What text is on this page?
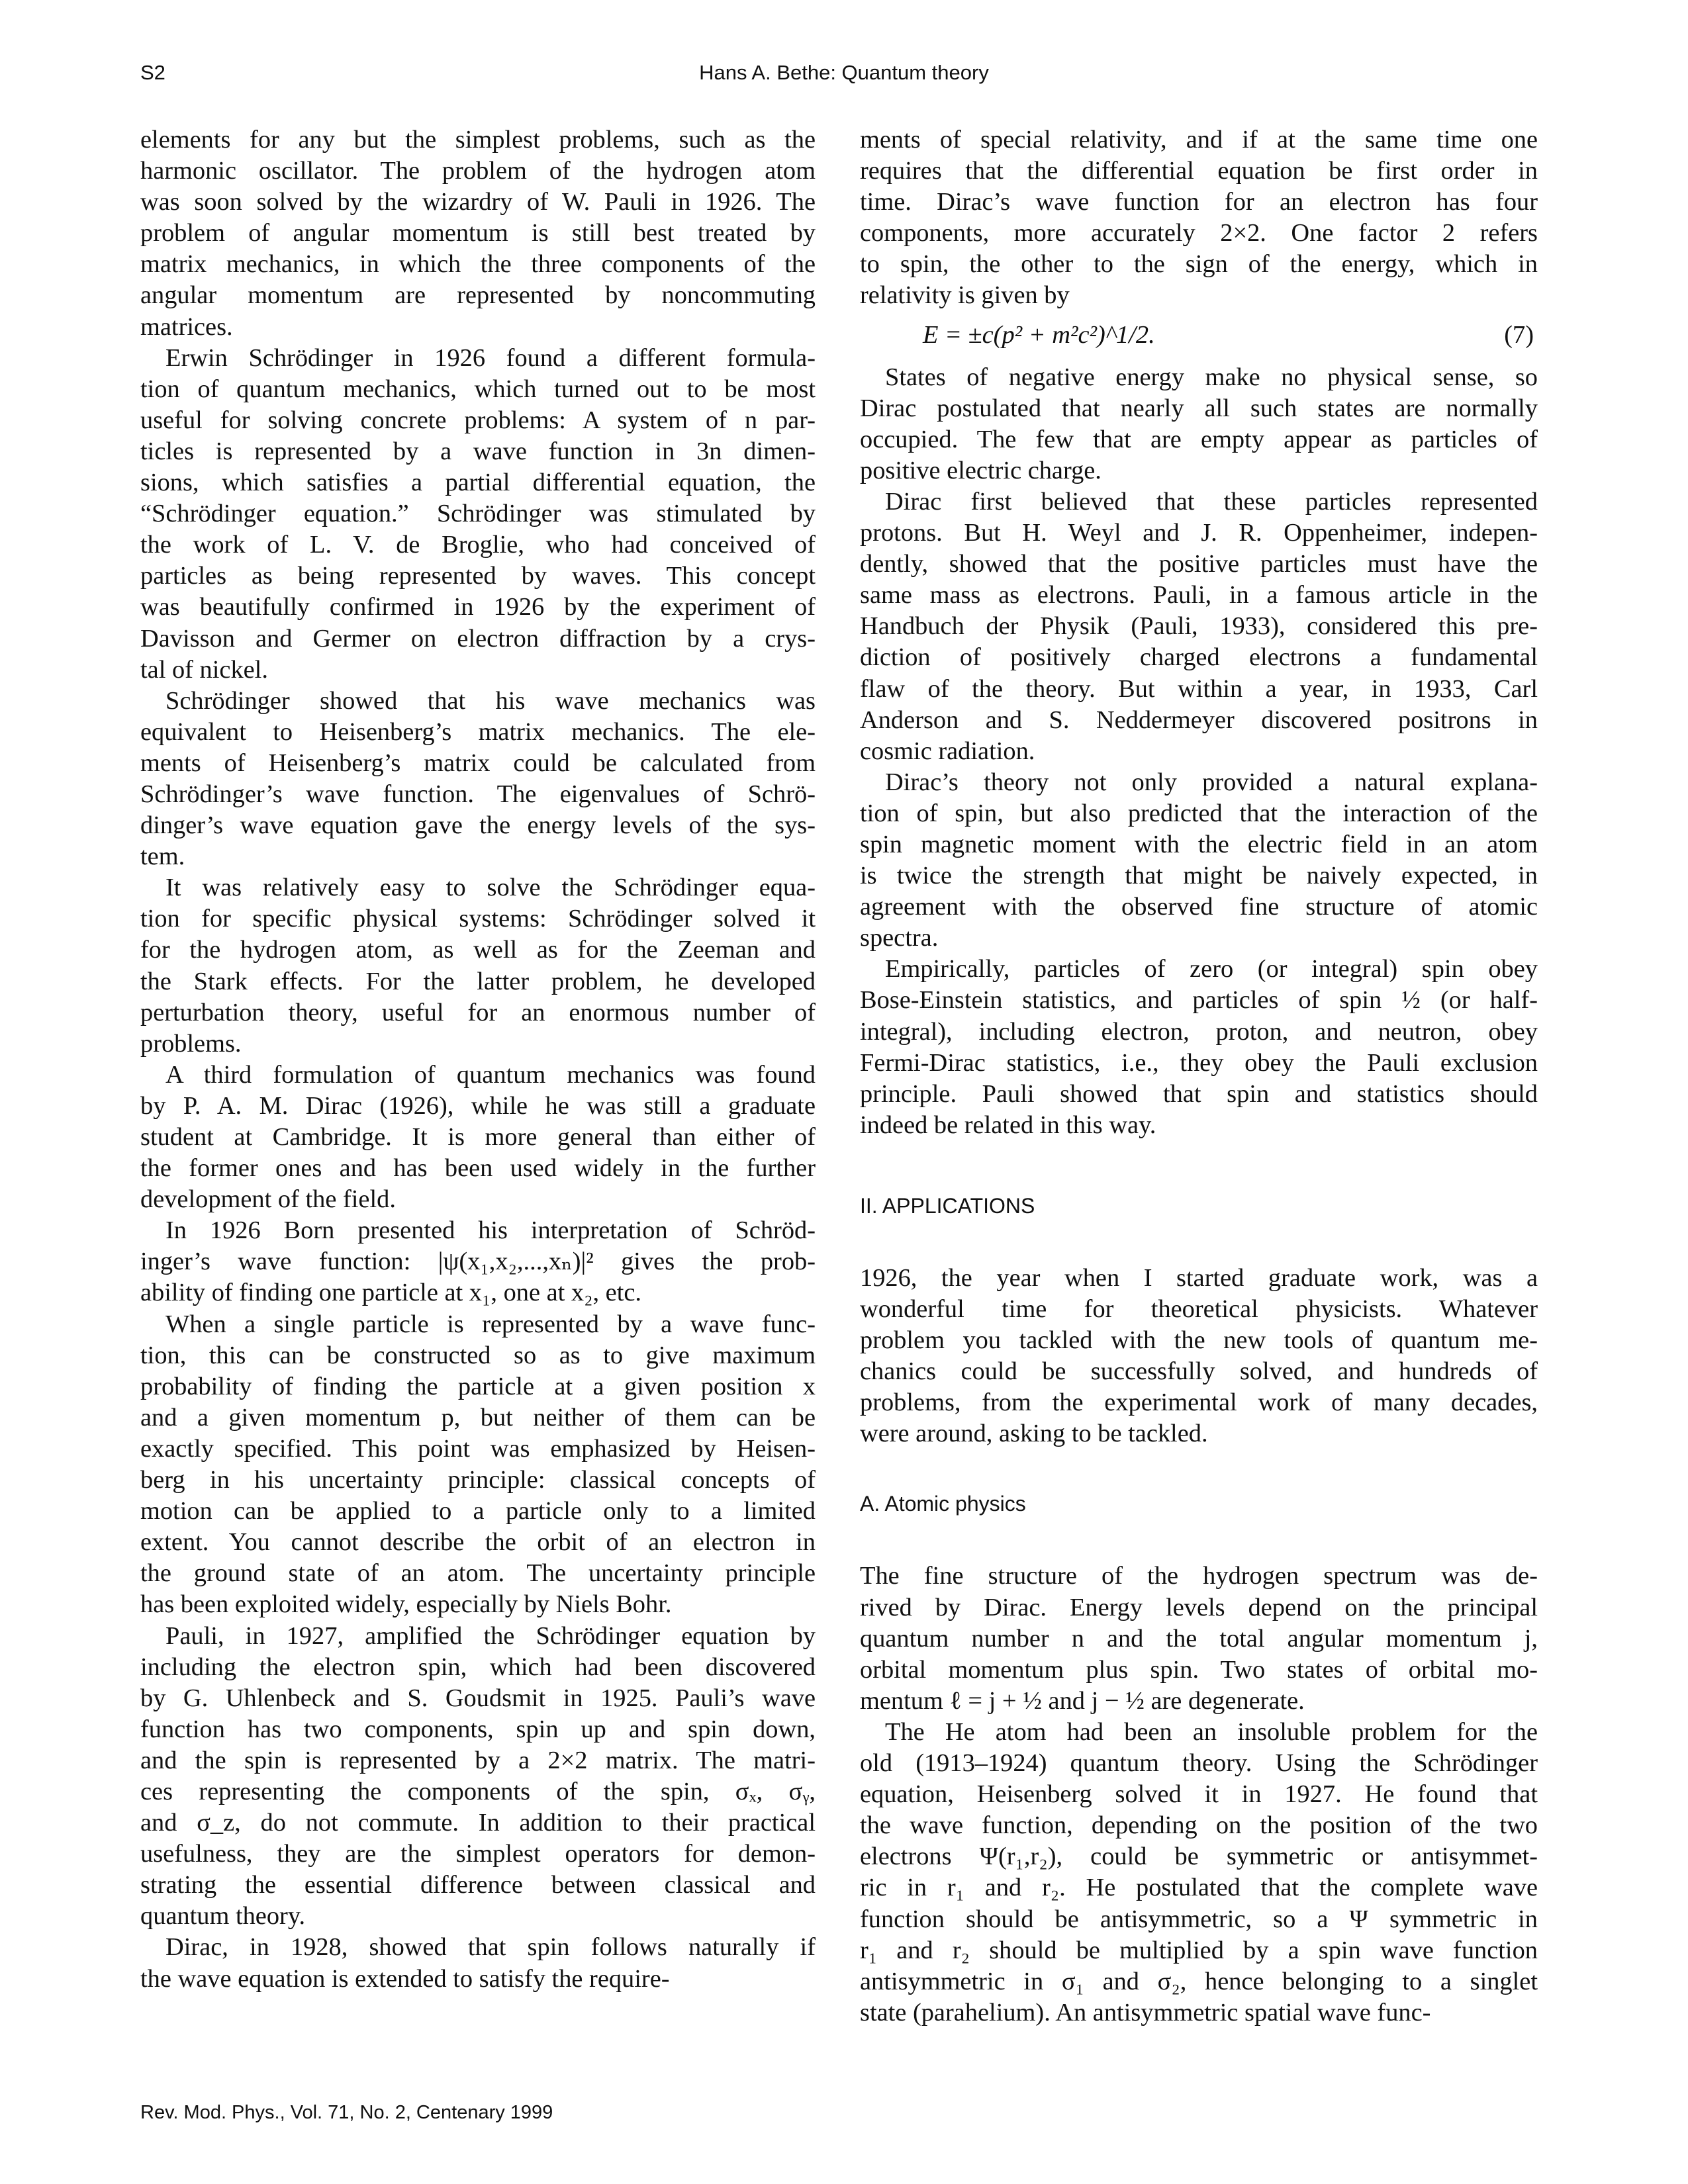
S2	Hans A. Bethe: Quantum theory
elements for any but the simplest problems, such as the
harmonic oscillator. The problem of the hydrogen atom
was soon solved by the wizardry of W. Pauli in 1926. The
problem of angular momentum is still best treated by
matrix mechanics, in which the three components of the
angular momentum are represented by noncommuting
matrices.
Erwin Schrödinger in 1926 found a different formula-
tion of quantum mechanics, which turned out to be most
useful for solving concrete problems: A system of n par-
ticles is represented by a wave function in 3n dimen-
sions, which satisfies a partial differential equation, the
“Schrödinger equation.” Schrödinger was stimulated by
the work of L. V. de Broglie, who had conceived of
particles as being represented by waves. This concept
was beautifully confirmed in 1926 by the experiment of
Davisson and Germer on electron diffraction by a crys-
tal of nickel.
Schrödinger showed that his wave mechanics was
equivalent to Heisenberg’s matrix mechanics. The ele-
ments of Heisenberg’s matrix could be calculated from
Schrödinger’s wave function. The eigenvalues of Schrö-
dinger’s wave equation gave the energy levels of the sys-
tem.
It was relatively easy to solve the Schrödinger equa-
tion for specific physical systems: Schrödinger solved it
for the hydrogen atom, as well as for the Zeeman and
the Stark effects. For the latter problem, he developed
perturbation theory, useful for an enormous number of
problems.
A third formulation of quantum mechanics was found
by P. A. M. Dirac (1926), while he was still a graduate
student at Cambridge. It is more general than either of
the former ones and has been used widely in the further
development of the field.
In 1926 Born presented his interpretation of Schröd-
inger’s wave function: |ψ(x₁,x₂,...,xₙ)|² gives the prob-
ability of finding one particle at x₁, one at x₂, etc.
When a single particle is represented by a wave func-
tion, this can be constructed so as to give maximum
probability of finding the particle at a given position x
and a given momentum p, but neither of them can be
exactly specified. This point was emphasized by Heisen-
berg in his uncertainty principle: classical concepts of
motion can be applied to a particle only to a limited
extent. You cannot describe the orbit of an electron in
the ground state of an atom. The uncertainty principle
has been exploited widely, especially by Niels Bohr.
Pauli, in 1927, amplified the Schrödinger equation by
including the electron spin, which had been discovered
by G. Uhlenbeck and S. Goudsmit in 1925. Pauli’s wave
function has two components, spin up and spin down,
and the spin is represented by a 2×2 matrix. The matri-
ces representing the components of the spin, σₓ, σᵧ,
and σ_z, do not commute. In addition to their practical
usefulness, they are the simplest operators for demon-
strating the essential difference between classical and
quantum theory.
Dirac, in 1928, showed that spin follows naturally if
the wave equation is extended to satisfy the require-
ments of special relativity, and if at the same time one
requires that the differential equation be first order in
time. Dirac’s wave function for an electron has four
components, more accurately 2×2. One factor 2 refers
to spin, the other to the sign of the energy, which in
relativity is given by
E = ±c(p² + m²c²)^1/2.	(7)
States of negative energy make no physical sense, so
Dirac postulated that nearly all such states are normally
occupied. The few that are empty appear as particles of
positive electric charge.
Dirac first believed that these particles represented
protons. But H. Weyl and J. R. Oppenheimer, indepen-
dently, showed that the positive particles must have the
same mass as electrons. Pauli, in a famous article in the
Handbuch der Physik (Pauli, 1933), considered this pre-
diction of positively charged electrons a fundamental
flaw of the theory. But within a year, in 1933, Carl
Anderson and S. Neddermeyer discovered positrons in
cosmic radiation.
Dirac’s theory not only provided a natural explana-
tion of spin, but also predicted that the interaction of the
spin magnetic moment with the electric field in an atom
is twice the strength that might be naively expected, in
agreement with the observed fine structure of atomic
spectra.
Empirically, particles of zero (or integral) spin obey
Bose-Einstein statistics, and particles of spin ½ (or half-
integral), including electron, proton, and neutron, obey
Fermi-Dirac statistics, i.e., they obey the Pauli exclusion
principle. Pauli showed that spin and statistics should
indeed be related in this way.
II. APPLICATIONS
1926, the year when I started graduate work, was a
wonderful time for theoretical physicists. Whatever
problem you tackled with the new tools of quantum me-
chanics could be successfully solved, and hundreds of
problems, from the experimental work of many decades,
were around, asking to be tackled.
A. Atomic physics
The fine structure of the hydrogen spectrum was de-
rived by Dirac. Energy levels depend on the principal
quantum number n and the total angular momentum j,
orbital momentum plus spin. Two states of orbital mo-
mentum ℓ = j + ½ and j − ½ are degenerate.
The He atom had been an insoluble problem for the
old (1913–1924) quantum theory. Using the Schrödinger
equation, Heisenberg solved it in 1927. He found that
the wave function, depending on the position of the two
electrons Ψ(r₁,r₂), could be symmetric or antisymmet-
ric in r₁ and r₂. He postulated that the complete wave
function should be antisymmetric, so a Ψ symmetric in
r₁ and r₂ should be multiplied by a spin wave function
antisymmetric in σ₁ and σ₂, hence belonging to a singlet
state (parahelium). An antisymmetric spatial wave func-
Rev. Mod. Phys., Vol. 71, No. 2, Centenary 1999
